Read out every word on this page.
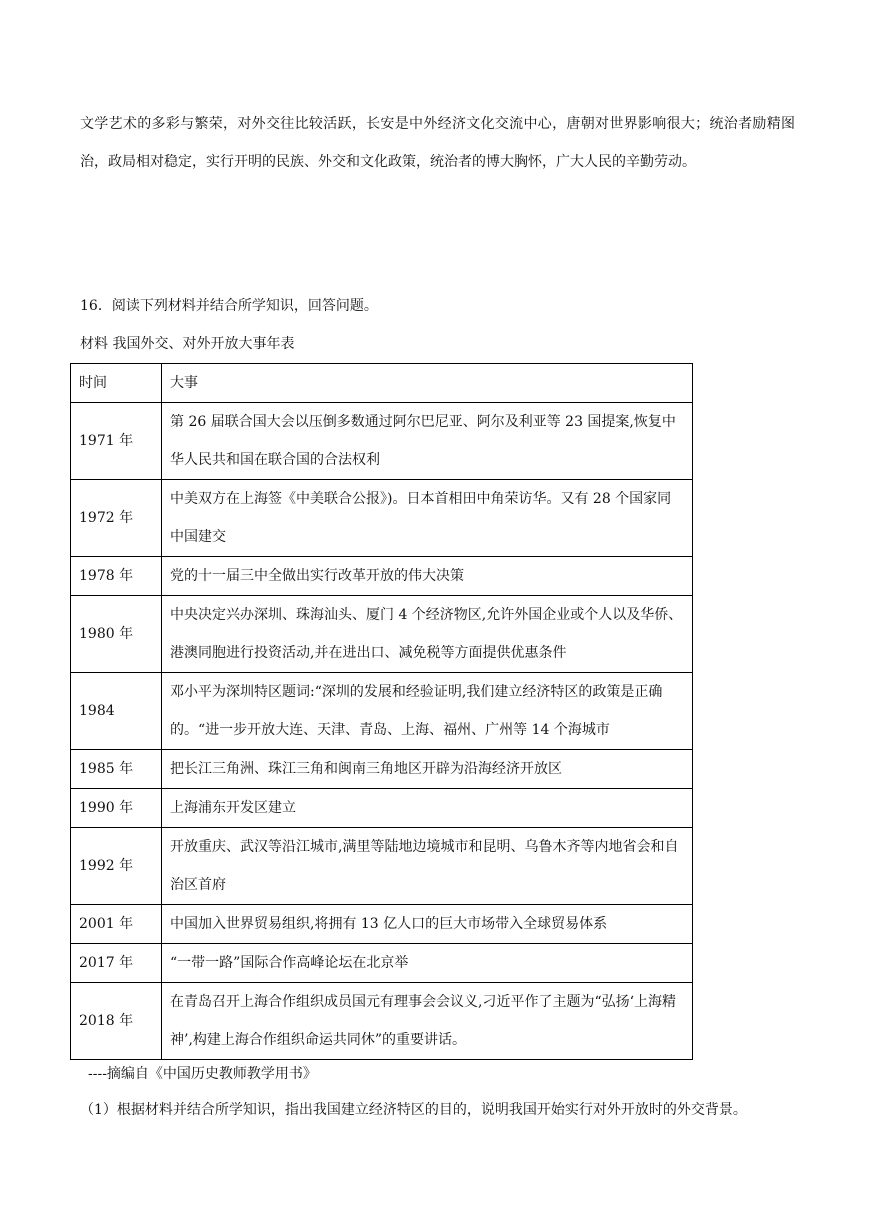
文学艺术的多彩与繁荣，对外交往比较活跃，长安是中外经济文化交流中心，唐朝对世界影响很大；统治者励精图治，政局相对稳定，实行开明的民族、外交和文化政策，统治者的博大胸怀，广大人民的辛勤劳动。

16．阅读下列材料并结合所学知识，回答问题。

材料 我国外交、对外开放大事年表

时间	大事
1971 年	第 26 届联合国大会以压倒多数通过阿尔巴尼亚、阿尔及利亚等 23 国提案,恢复中华人民共和国在联合国的合法权利
1972 年	中美双方在上海签《中美联合公报》)。日本首相田中角荣访华。又有 28 个国家同中国建交
1978 年	党的十一届三中全做出实行改革开放的伟大决策
1980 年	中央决定兴办深圳、珠海汕头、厦门 4 个经济物区,允许外国企业或个人以及华侨、港澳同胞进行投资活动,并在进出口、减免税等方面提供优惠条件
1984	邓小平为深圳特区题词:“深圳的发展和经验证明,我们建立经济特区的政策是正确的。“进一步开放大连、天津、青岛、上海、福州、广州等 14 个海城市
1985 年	把长江三角洲、珠江三角和闽南三角地区开辟为沿海经济开放区
1990 年	上海浦东开发区建立
1992 年	开放重庆、武汉等沿江城市,满里等陆地边境城市和昆明、乌鲁木齐等内地省会和自治区首府
2001 年	中国加入世界贸易组织,将拥有 13 亿人口的巨大市场带入全球贸易体系
2017 年	“一带一路”国际合作高峰论坛在北京举
2018 年	在青岛召开上海合作组织成员国元有理事会会议义,刁近平作了主题为“弘扬‘上海精神’,构建上海合作组织命运共同休”的重要讲话。

----摘编自《中国历史教师教学用书》

（1）根据材料并结合所学知识，指出我国建立经济特区的目的，说明我国开始实行对外开放时的外交背景。
